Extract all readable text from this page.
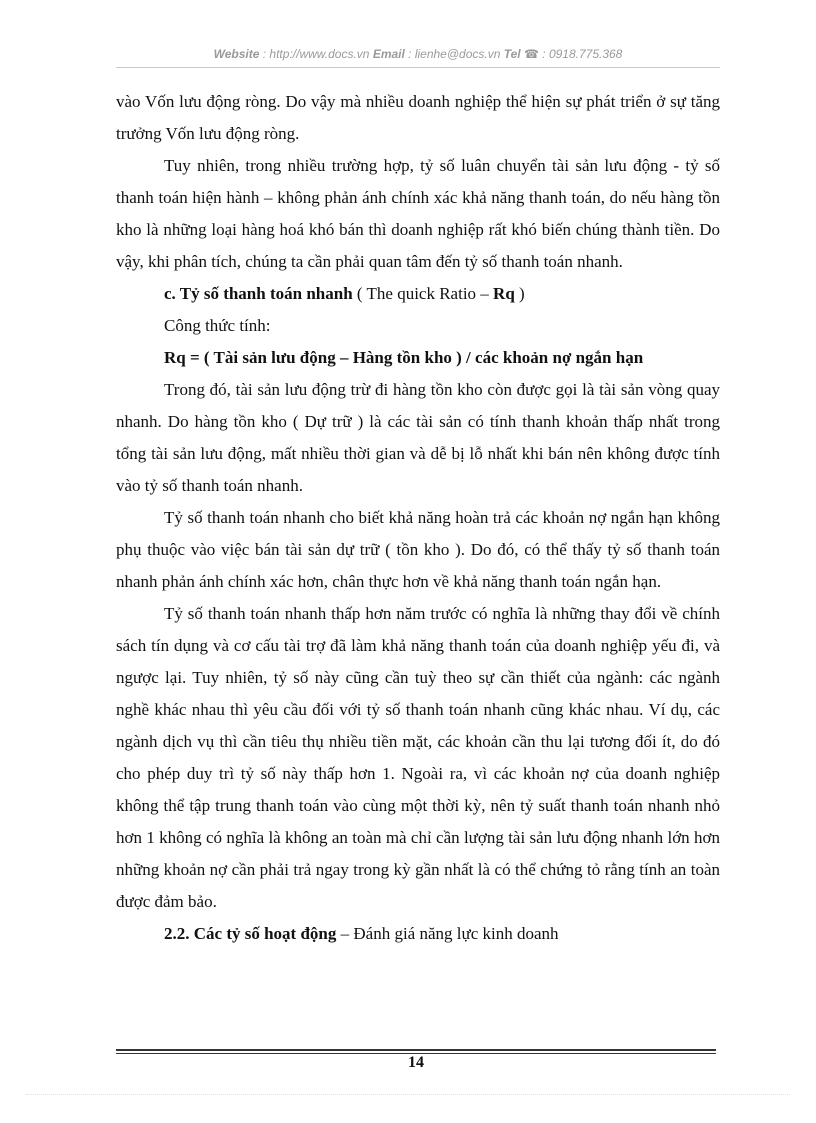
Website : http://www.docs.vn Email : lienhe@docs.vn Tel ☎ : 0918.775.368

vào Vốn lưu động ròng. Do vậy mà nhiều doanh nghiệp thể hiện sự phát triển ở sự tăng trưởng Vốn lưu động ròng.

Tuy nhiên, trong nhiều trường hợp, tỷ số luân chuyển tài sản lưu động - tỷ số thanh toán hiện hành – không phản ánh chính xác khả năng thanh toán, do nếu hàng tồn kho là những loại hàng hoá khó bán thì doanh nghiệp rất khó biến chúng thành tiền. Do vậy, khi phân tích, chúng ta cần phải quan tâm đến tỷ số thanh toán nhanh.

c. Tỷ số thanh toán nhanh ( The quick Ratio – Rq )

Công thức tính:

Rq = ( Tài sản lưu động – Hàng tồn kho ) / các khoản nợ ngắn hạn

Trong đó, tài sản lưu động trừ đi hàng tồn kho còn được gọi là tài sản vòng quay nhanh. Do hàng tồn kho ( Dự trữ ) là các tài sản có tính thanh khoản thấp nhất trong tổng tài sản lưu động, mất nhiều thời gian và dễ bị lỗ nhất khi bán nên không được tính vào tỷ số thanh toán nhanh.

Tỷ số thanh toán nhanh cho biết khả năng hoàn trả các khoản nợ ngắn hạn không phụ thuộc vào việc bán tài sản dự trữ ( tồn kho ). Do đó, có thể thấy tỷ số thanh toán nhanh phản ánh chính xác hơn, chân thực hơn về khả năng thanh toán ngắn hạn.

Tỷ số thanh toán nhanh thấp hơn năm trước có nghĩa là những thay đổi về chính sách tín dụng và cơ cấu tài trợ đã làm khả năng thanh toán của doanh nghiệp yếu đi, và ngược lại. Tuy nhiên, tỷ số này cũng cần tuỳ theo sự cần thiết của ngành: các ngành nghề khác nhau thì yêu cầu đối với tỷ số thanh toán nhanh cũng khác nhau. Ví dụ, các ngành dịch vụ thì cần tiêu thụ nhiều tiền mặt, các khoản cần thu lại tương đối ít, do đó cho phép duy trì tỷ số này thấp hơn 1. Ngoài ra, vì các khoản nợ của doanh nghiệp không thể tập trung thanh toán vào cùng một thời kỳ, nên tỷ suất thanh toán nhanh nhỏ hơn 1 không có nghĩa là không an toàn mà chỉ cần lượng tài sản lưu động nhanh lớn hơn những khoản nợ cần phải trả ngay trong kỳ gần nhất là có thể chứng tỏ rằng tính an toàn được đảm bảo.

2.2. Các tỷ số hoạt động – Đánh giá năng lực kinh doanh

14
